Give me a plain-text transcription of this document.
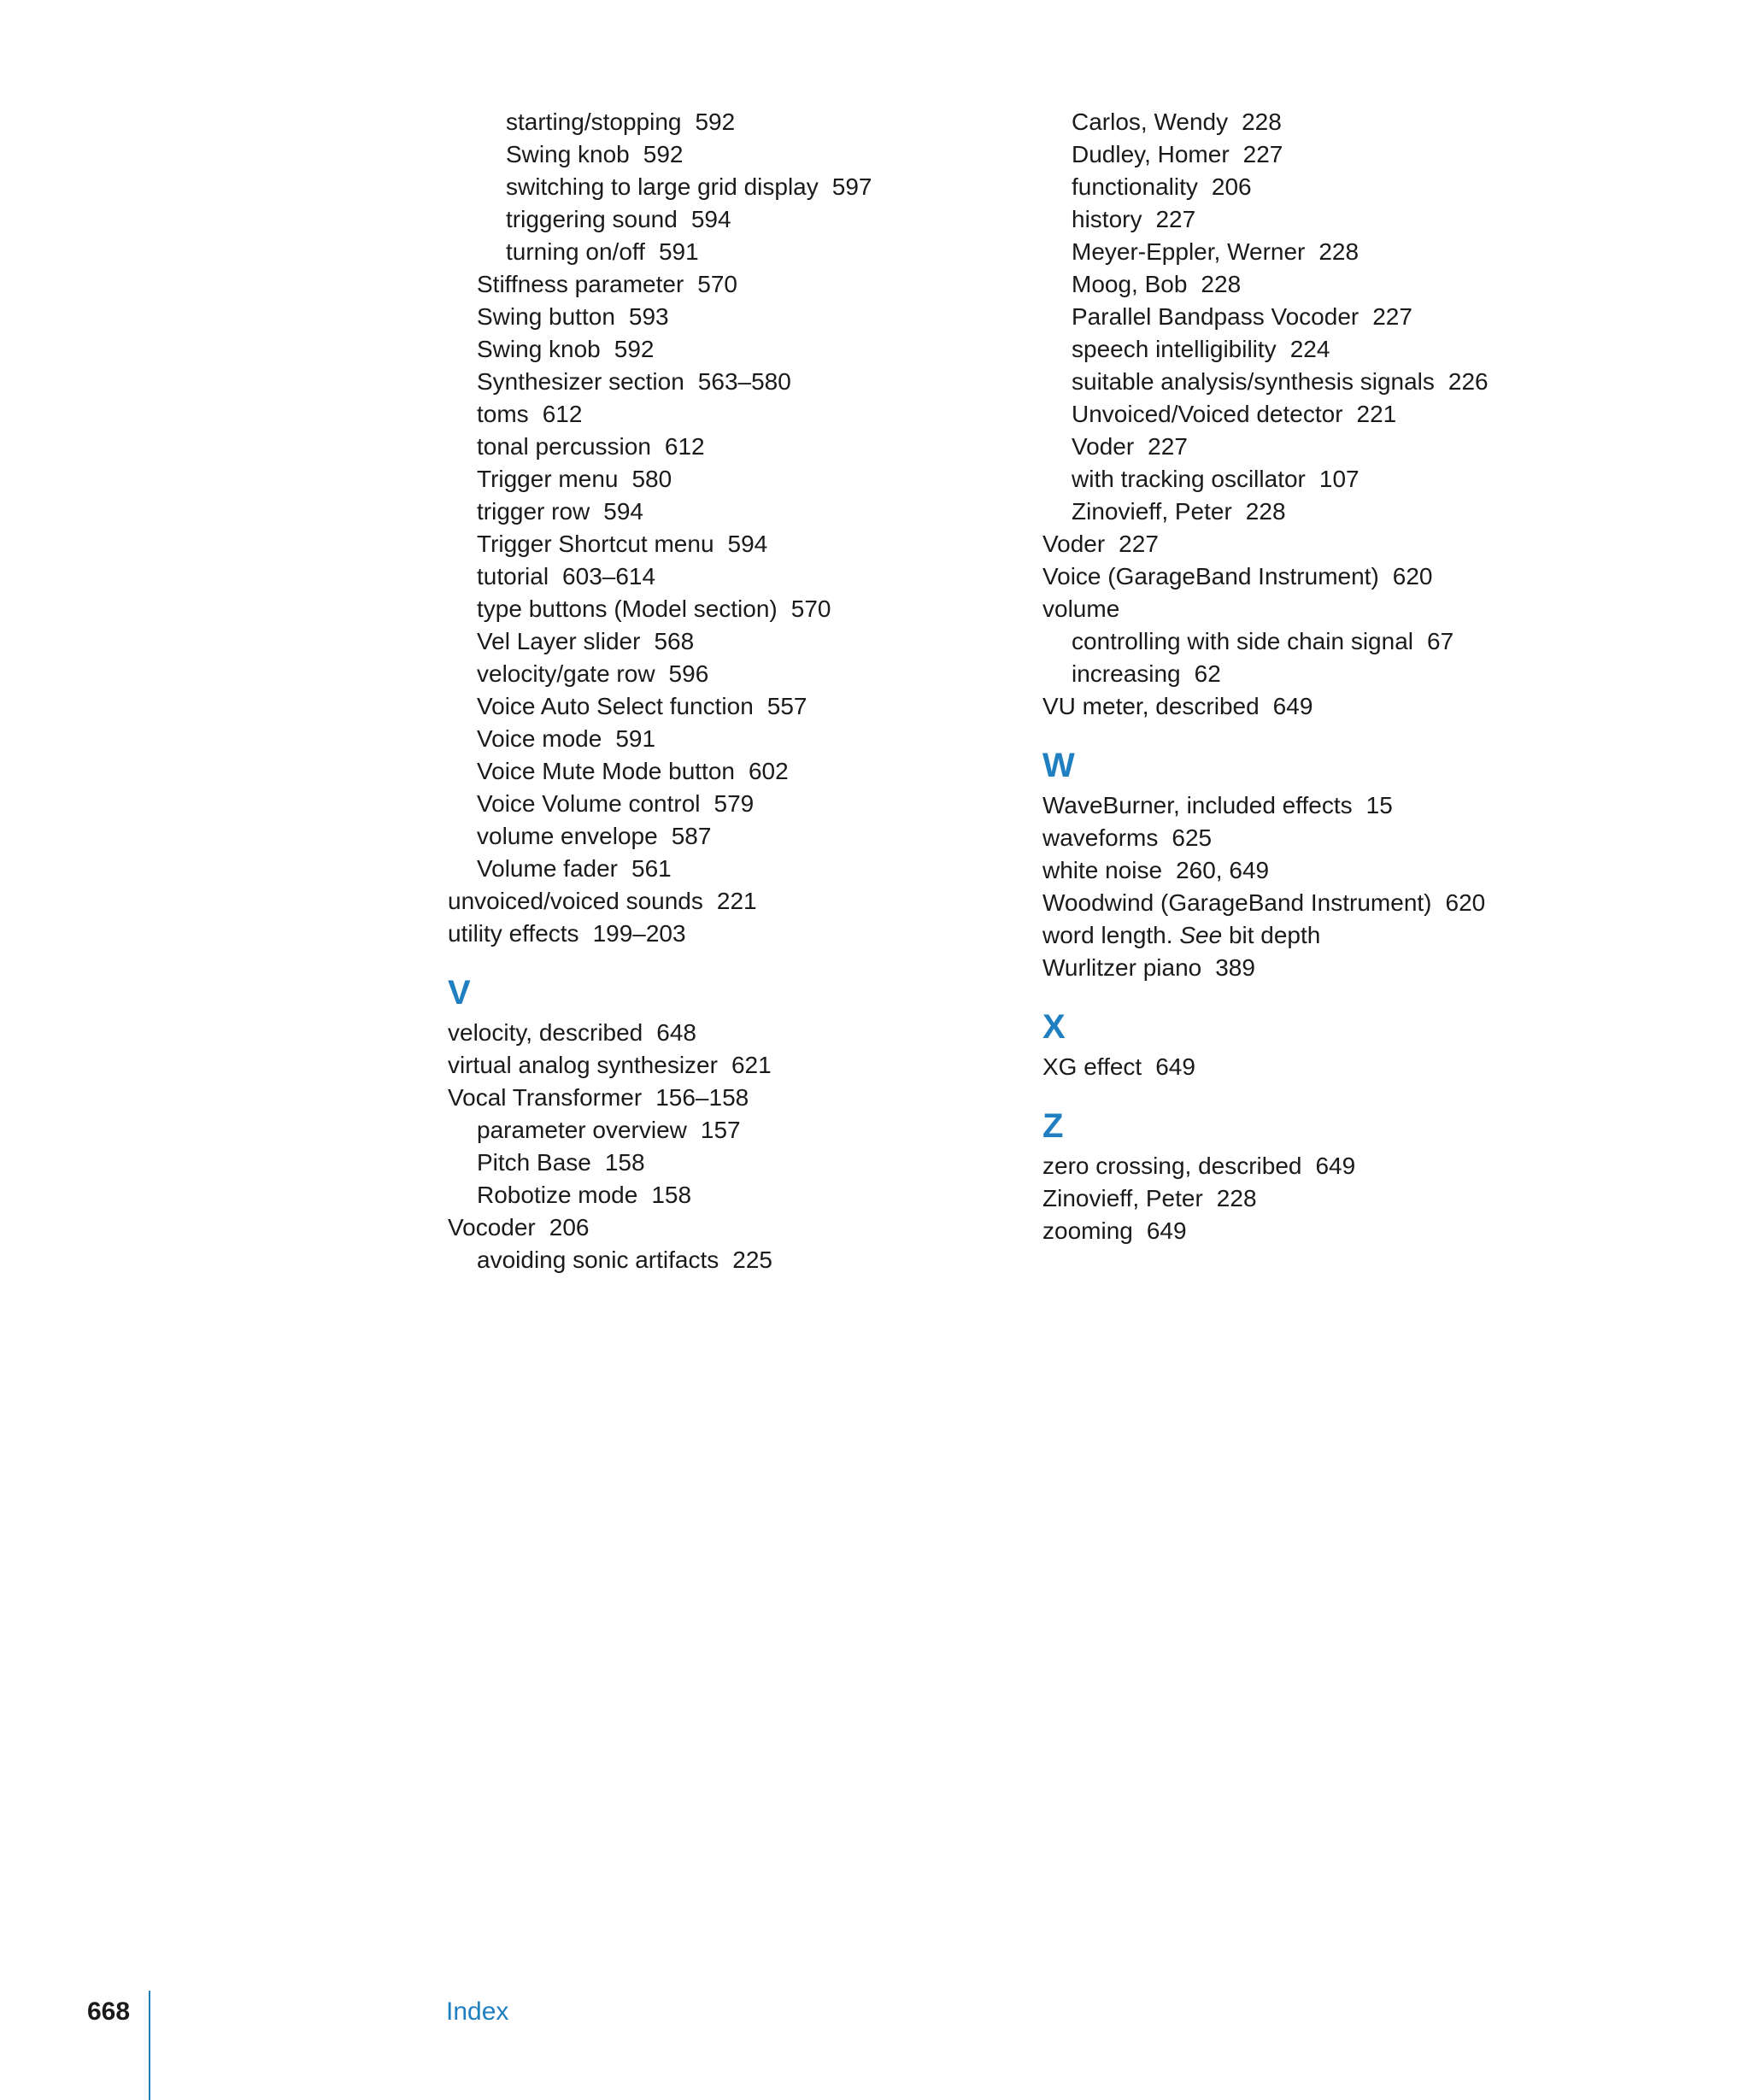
starting/stopping 592
Swing knob 592
switching to large grid display 597
triggering sound 594
turning on/off 591
Stiffness parameter 570
Swing button 593
Swing knob 592
Synthesizer section 563–580
toms 612
tonal percussion 612
Trigger menu 580
trigger row 594
Trigger Shortcut menu 594
tutorial 603–614
type buttons (Model section) 570
Vel Layer slider 568
velocity/gate row 596
Voice Auto Select function 557
Voice mode 591
Voice Mute Mode button 602
Voice Volume control 579
volume envelope 587
Volume fader 561
unvoiced/voiced sounds 221
utility effects 199–203
V
velocity, described 648
virtual analog synthesizer 621
Vocal Transformer 156–158
parameter overview 157
Pitch Base 158
Robotize mode 158
Vocoder 206
avoiding sonic artifacts 225
Carlos, Wendy 228
Dudley, Homer 227
functionality 206
history 227
Meyer-Eppler, Werner 228
Moog, Bob 228
Parallel Bandpass Vocoder 227
speech intelligibility 224
suitable analysis/synthesis signals 226
Unvoiced/Voiced detector 221
Voder 227
with tracking oscillator 107
Zinovieff, Peter 228
Voder 227
Voice (GarageBand Instrument) 620
volume
controlling with side chain signal 67
increasing 62
VU meter, described 649
W
WaveBurner, included effects 15
waveforms 625
white noise 260, 649
Woodwind (GarageBand Instrument) 620
word length. See bit depth
Wurlitzer piano 389
X
XG effect 649
Z
zero crossing, described 649
Zinovieff, Peter 228
zooming 649
668	Index
